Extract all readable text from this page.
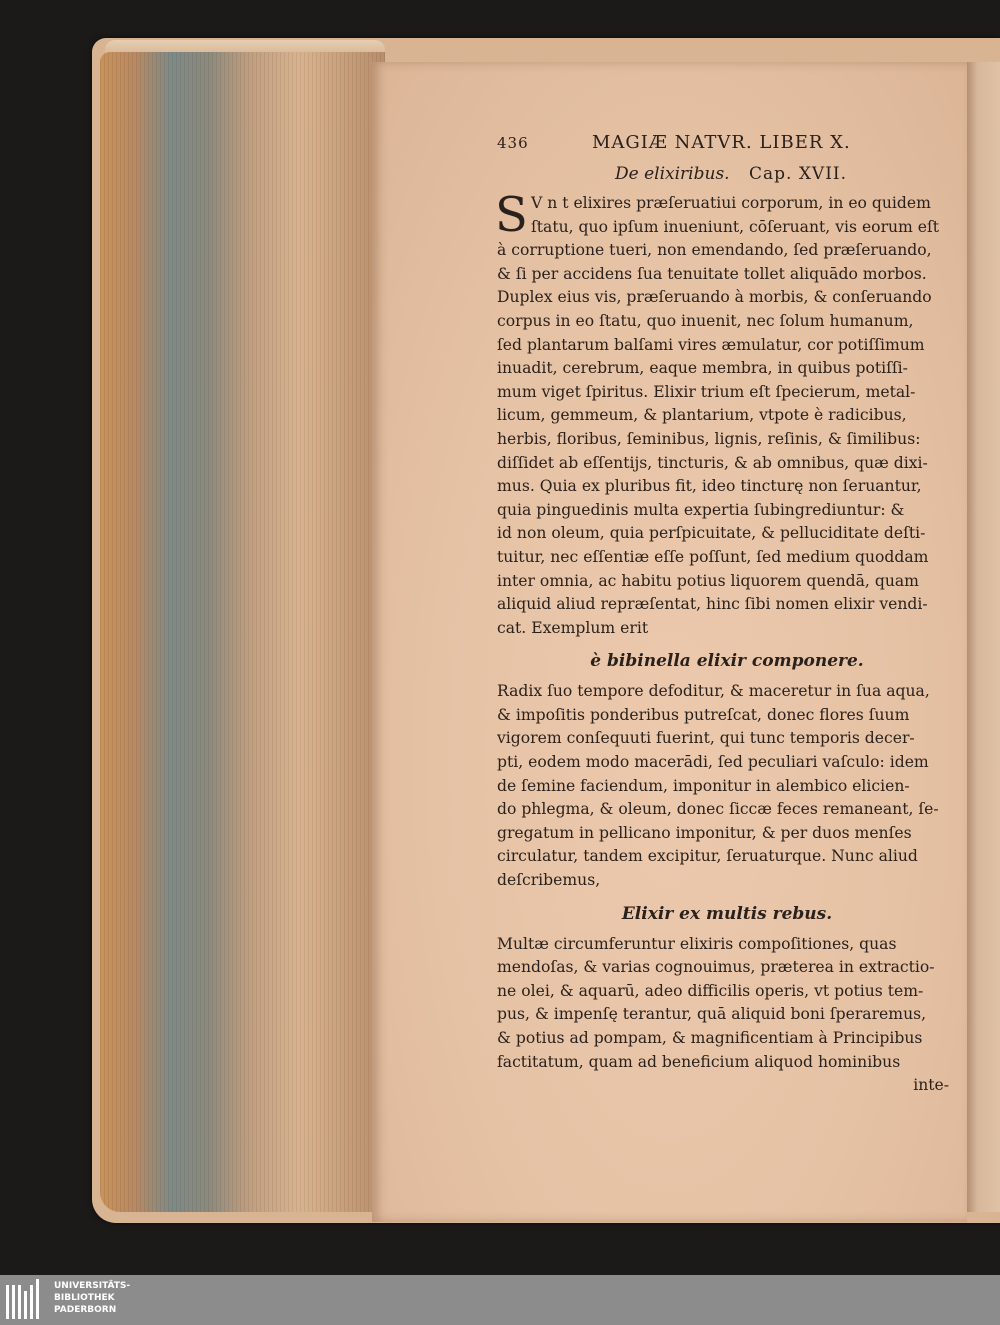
436	MAGIÆ NATVR. LIBER X.
De elixiribus. Cap. XVII.
S V n t elixires præſeruatiui corporum, in eo quidem
ſtatu, quo ipſum inueniunt, cōſeruant, vis eorum eſt
à corruptione tueri, non emendando, ſed præſeruando,
& ſi per accidens ſua tenuitate tollet aliquādo morbos.
Duplex eius vis, præſeruando à morbis, & conſeruando
corpus in eo ſtatu, quo inuenit, nec ſolum humanum,
ſed plantarum balſami vires æmulatur, cor potiſſimum
inuadit, cerebrum, eaque membra, in quibus potiſſi-
mum viget ſpiritus. Elixir trium eſt ſpecierum, metal-
licum, gemmeum, & plantarium, vtpote è radicibus,
herbis, floribus, ſeminibus, lignis, reſinis, & ſimilibus:
diſſidet ab eſſentijs, tincturis, & ab omnibus, quæ dixi-
mus. Quia ex pluribus fit, ideo tincturę non ſeruantur,
quia pinguedinis multa expertia ſubingrediuntur: &
id non oleum, quia perſpicuitate, & pelluciditate deſti-
tuitur, nec eſſentiæ eſſe poſſunt, ſed medium quoddam
inter omnia, ac habitu potius liquorem quendā, quam
aliquid aliud repræſentat, hinc ſibi nomen elixir vendi-
cat. Exemplum erit
è bibinella elixir componere.
Radix ſuo tempore defoditur, & maceretur in ſua aqua,
& impoſitis ponderibus putreſcat, donec flores ſuum
vigorem conſequuti fuerint, qui tunc temporis decer-
pti, eodem modo macerādi, ſed peculiari vaſculo: idem
de ſemine faciendum, imponitur in alembico elicien-
do phlegma, & oleum, donec ſiccæ feces remaneant, ſe-
gregatum in pellicano imponitur, & per duos menſes
circulatur, tandem excipitur, ſeruaturque. Nunc aliud
deſcribemus,
Elixir ex multis rebus.
Multæ circumferuntur elixiris compoſitiones, quas
mendoſas, & varias cognouimus, præterea in extractio-
ne olei, & aquarū, adeo difficilis operis, vt potius tem-
pus, & impenſę terantur, quā aliquid boni ſperaremus,
& potius ad pompam, & magnificentiam à Principibus
factitatum, quam ad beneficium aliquod hominibus
inte-
UNIVERSITÄTS-
BIBLIOTHEK
PADERBORN
